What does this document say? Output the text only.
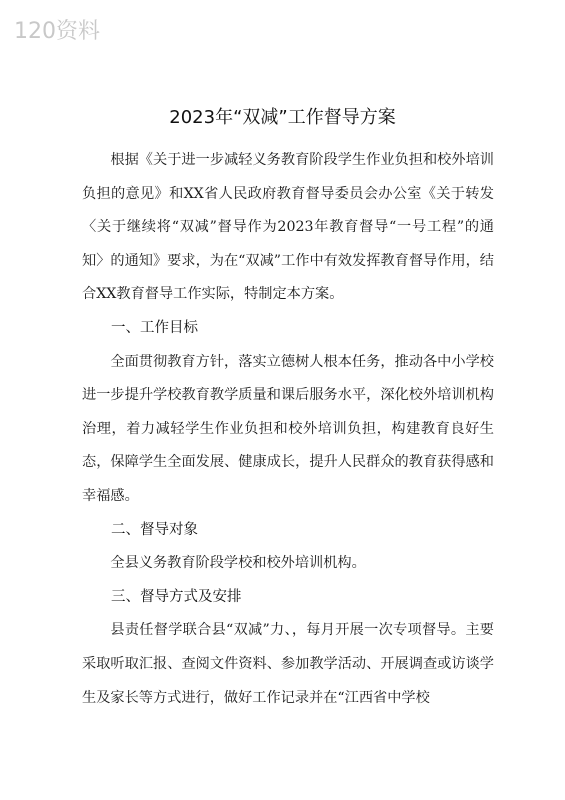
120资料
2023年“双减”工作督导方案

根据《关于进一步减轻义务教育阶段学生作业负担和校外培训负担的意见》和XX省人民政府教育督导委员会办公室《关于转发〈关于继续将“双减”督导作为2023年教育督导“一号工程”的通知〉的通知》要求，为在“双减”工作中有效发挥教育督导作用，结合XX教育督导工作实际，特制定本方案。

一、工作目标

全面贯彻教育方针，落实立德树人根本任务，推动各中小学校进一步提升学校教育教学质量和课后服务水平，深化校外培训机构治理，着力减轻学生作业负担和校外培训负担，构建教育良好生态，保障学生全面发展、健康成长，提升人民群众的教育获得感和幸福感。

二、督导对象

全县义务教育阶段学校和校外培训机构。

三、督导方式及安排

县责任督学联合县“双减”力、，每月开展一次专项督导。主要采取听取汇报、查阅文件资料、参加教学活动、开展调查或访谈学生及家长等方式进行，做好工作记录并在“江西省中学校
